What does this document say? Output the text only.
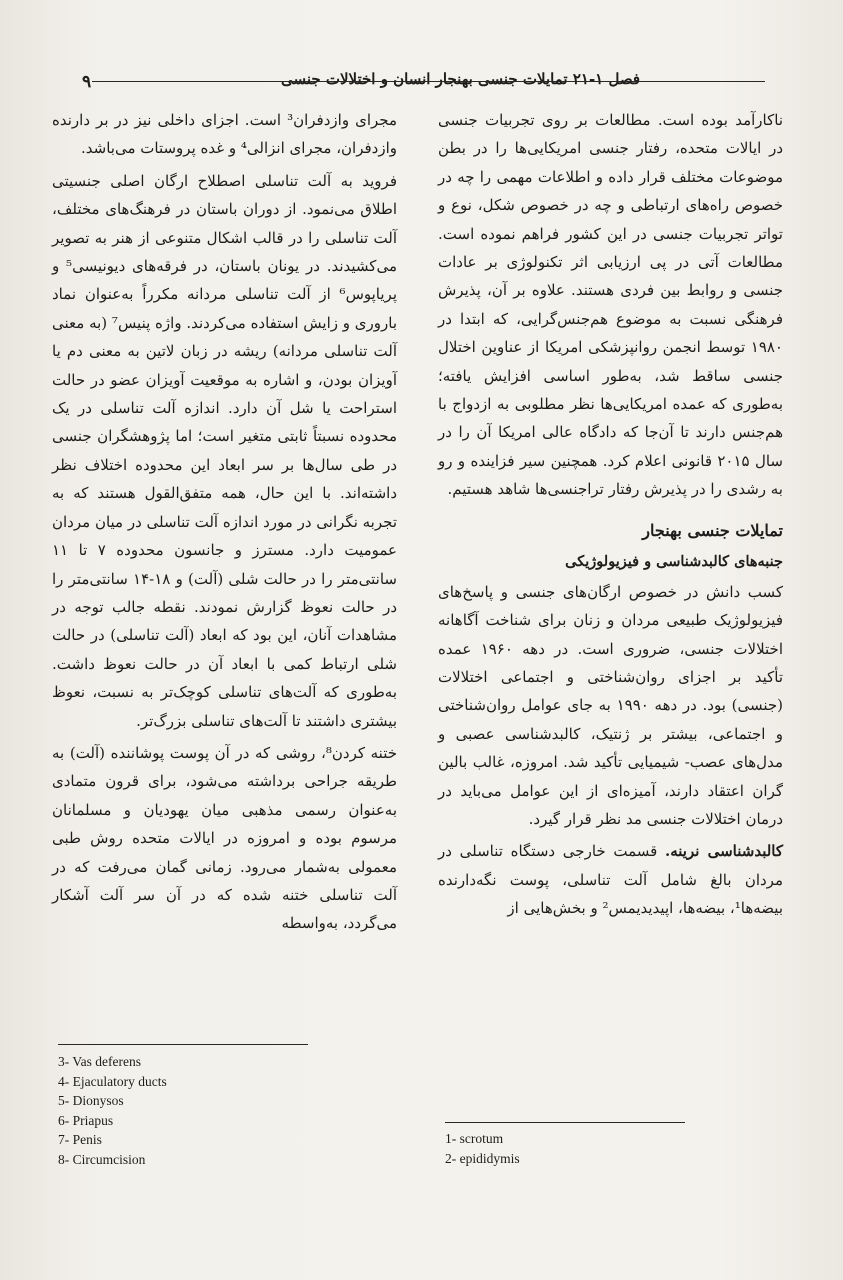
فصل ۱-۲۱ تمایلات جنسی بهنجار انسان و اختلالات جنسی
۹

ناکارآمد بوده است. مطالعات بر روی تجربیات جنسی در ایالات متحده، رفتار جنسی امریکایی‌ها را در بطن موضوعات مختلف قرار داده و اطلاعات مهمی را چه در خصوص راه‌های ارتباطی و چه در خصوص شکل، نوع و تواتر تجربیات جنسی در این کشور فراهم نموده است. مطالعات آتی در پی ارزیابی اثر تکنولوژی بر عادات جنسی و روابط بین فردی هستند. علاوه بر آن، پذیرش فرهنگی نسبت به موضوع هم‌جنس‌گرایی، که ابتدا در ۱۹۸۰ توسط انجمن روانپزشکی امریکا از عناوین اختلال جنسی ساقط شد، به‌طور اساسی افزایش یافته؛ به‌طوری که عمده امریکایی‌ها نظر مطلوبی به ازدواج با هم‌جنس دارند تا آن‌جا که دادگاه عالی امریکا آن را در سال ۲۰۱۵ قانونی اعلام کرد. همچنین سیر فزاینده و رو به رشدی را در پذیرش رفتار تراجنسی‌ها شاهد هستیم.

تمایلات جنسی بهنجار
جنبه‌های کالبدشناسی و فیزیولوژیکی

کسب دانش در خصوص ارگان‌های جنسی و پاسخ‌های فیزیولوژیک طبیعی مردان و زنان برای شناخت آگاهانه اختلالات جنسی، ضروری است. در دهه ۱۹۶۰ عمده تأکید بر اجزای روان‌شناختی و اجتماعی اختلالات (جنسی) بود. در دهه ۱۹۹۰ به جای عوامل روان‌شناختی و اجتماعی، بیشتر بر ژنتیک، کالبدشناسی عصبی و مدل‌های عصب- شیمیایی تأکید شد. امروزه، غالب بالین گران اعتقاد دارند، آمیزه‌ای از این عوامل می‌باید در درمان اختلالات جنسی مد نظر قرار گیرد.

کالبدشناسی نرینه. قسمت خارجی دستگاه تناسلی در مردان بالغ شامل آلت تناسلی، پوست نگه‌دارنده بیضه‌ها¹، بیضه‌ها، اپیدیدیمس² و بخش‌هایی از

مجرای وازدفران³ است. اجزای داخلی نیز در بر دارنده وازدفران، مجرای انزالی⁴ و غده پروستات می‌باشد.

فروید به آلت تناسلی اصطلاح ارگان اصلی جنسیتی اطلاق می‌نمود. از دوران باستان در فرهنگ‌های مختلف، آلت تناسلی را در قالب اشکال متنوعی از هنر به تصویر می‌کشیدند. در یونان باستان، در فرقه‌های دیونیسی⁵ و پریاپوس⁶ از آلت تناسلی مردانه مکرراً به‌عنوان نماد باروری و زایش استفاده می‌کردند. واژه پنیس⁷ (به معنی آلت تناسلی مردانه) ریشه در زبان لاتین به معنی دم یا آویزان بودن، و اشاره به موقعیت آویزان عضو در حالت استراحت یا شل آن دارد. اندازه آلت تناسلی در یک محدوده نسبتاً ثابتی متغیر است؛ اما پژوهشگران جنسی در طی سال‌ها بر سر ابعاد این محدوده اختلاف نظر داشته‌اند. با این حال، همه متفق‌القول هستند که به تجربه نگرانی در مورد اندازه آلت تناسلی در میان مردان عمومیت دارد. مسترز و جانسون محدوده ۷ تا ۱۱ سانتی‌متر را در حالت شلی (آلت) و ۱۸-۱۴ سانتی‌متر را در حالت نعوظ گزارش نمودند. نقطه جالب توجه در مشاهدات آنان، این بود که ابعاد (آلت تناسلی) در حالت شلی ارتباط کمی با ابعاد آن در حالت نعوظ داشت. به‌طوری که آلت‌های تناسلی کوچک‌تر به نسبت، نعوظ بیشتری داشتند تا آلت‌های تناسلی بزرگ‌تر.

ختنه کردن⁸، روشی که در آن پوست پوشاننده (آلت) به طریقه جراحی برداشته می‌شود، برای قرون متمادی به‌عنوان رسمی مذهبی میان یهودیان و مسلمانان مرسوم بوده و امروزه در ایالات متحده روش طبی معمولی به‌شمار می‌رود. زمانی گمان می‌رفت که در آلت تناسلی ختنه شده که در آن سر آلت آشکار می‌گردد، به‌واسطه

3- Vas deferens
4- Ejaculatory ducts
5- Dionysos
6- Priapus
7- Penis
8- Circumcision
1- scrotum
2- epididymis
